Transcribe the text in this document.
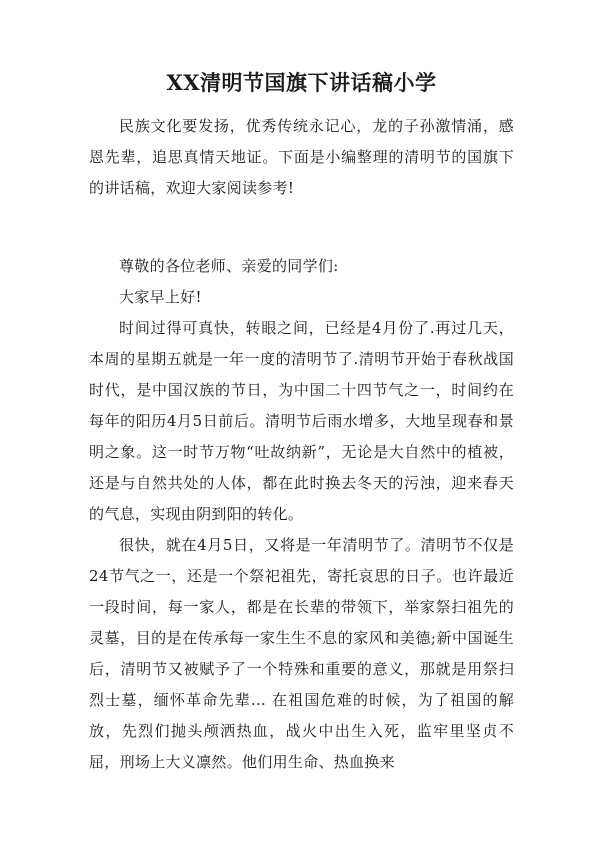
XX清明节国旗下讲话稿小学

民族文化要发扬，优秀传统永记心，龙的子孙激情涌，感恩先辈，追思真情天地证。下面是小编整理的清明节的国旗下的讲话稿，欢迎大家阅读参考!

尊敬的各位老师、亲爱的同学们:

大家早上好!

时间过得可真快，转眼之间，已经是4月份了.再过几天，本周的星期五就是一年一度的清明节了.清明节开始于春秋战国时代，是中国汉族的节日，为中国二十四节气之一，时间约在每年的阳历4月5日前后。清明节后雨水增多，大地呈现春和景明之象。这一时节万物“吐故纳新”，无论是大自然中的植被，还是与自然共处的人体，都在此时换去冬天的污浊，迎来春天的气息，实现由阴到阳的转化。

很快，就在4月5日，又将是一年清明节了。清明节不仅是24节气之一，还是一个祭祀祖先，寄托哀思的日子。也许最近一段时间，每一家人，都是在长辈的带领下，举家祭扫祖先的灵墓，目的是在传承每一家生生不息的家风和美德;新中国诞生后，清明节又被赋予了一个特殊和重要的意义，那就是用祭扫烈士墓，缅怀革命先辈... 在祖国危难的时候，为了祖国的解放，先烈们抛头颅洒热血，战火中出生入死，监牢里坚贞不屈，刑场上大义凛然。他们用生命、热血换来
